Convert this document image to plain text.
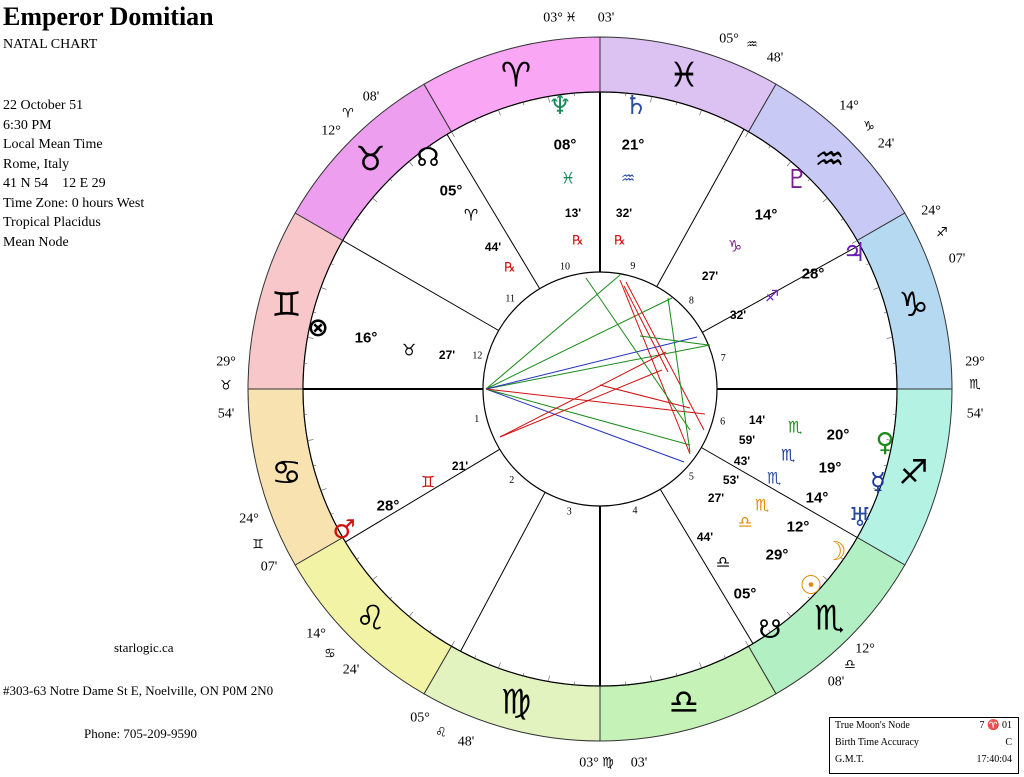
Emperor Domitian
NATAL CHART
22 October 51
6:30 PM
Local Mean Time
Rome, Italy
41 N 54    12 E 29
Time Zone: 0 hours West
Tropical Placidus
Mean Node
starlogic.ca
#303-63 Notre Dame St E, Noelville, ON P0M 2N0
Phone: 705-209-9590
♓
♒
♑
♐
♏
♎
♍
♌
♋
♊
♉
♈
1
2
3	4
5
6
7
8
9
10
11
12
03° ♓ 03'
05° ♒
48'
14°
♑
24'
24°
♐
07'
29°
♏
54'
12°
♎
08'
03° ♍ 03'
05°
♌
48'
14°
♋
24'
24°
♊
07'
29°
♉
54'
12°
♈
08'	♆
08°
♓
13'
℞
♄
21°
♒
32'
℞
♇
14°
♑
27'
♃
28°
♐
32'
☊
05°
♈
44'
℞
⊗ 16°
♉ 27'
♂
28°
♊
21'
♀
20°
♏
14'
☿
19°
♏
59'
♅
14°
♏
43'
☉
29°
♎
27'
☽
12°
♏
53'
☋
05°
♎
44'
True Moon's Node	7 ♈ 01
Birth Time Accuracy	C
G.M.T.	17:40:04
